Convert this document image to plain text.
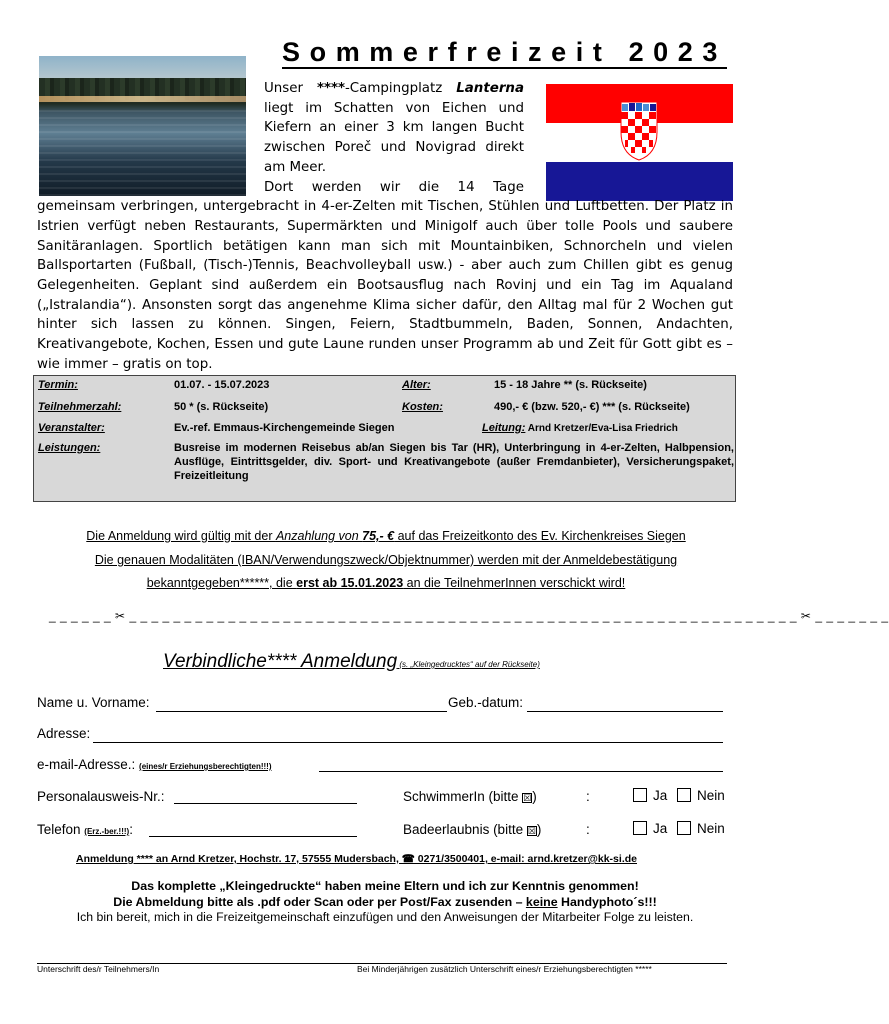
Sommerfreizeit 2023
Unser ****-Campingplatz Lanterna liegt im Schatten von Eichen und Kiefern an einer 3 km langen Bucht zwischen Poreč und Novigrad direkt am Meer.
Dort werden wir die 14 Tage gemeinsam verbringen, untergebracht in 4-er-Zelten mit Tischen, Stühlen und Luftbetten. Der Platz in Istrien verfügt neben Restaurants, Supermärkten und Minigolf auch über tolle Pools und saubere Sanitäranlagen. Sportlich betätigen kann man sich mit Mountainbiken, Schnorcheln und vielen Ballsportarten (Fußball, (Tisch-)Tennis, Beachvolleyball usw.) - aber auch zum Chillen gibt es genug Gelegenheiten. Geplant sind außerdem ein Bootsausflug nach Rovinj und ein Tag im Aqualand („Istralandia“). Ansonsten sorgt das angenehme Klima sicher dafür, den Alltag mal für 2 Wochen gut hinter sich lassen zu können. Singen, Feiern, Stadtbummeln, Baden, Sonnen, Andachten, Kreativangebote, Kochen, Essen und gute Laune runden unser Programm ab und Zeit für Gott gibt es – wie immer – gratis on top.
Termin:	01.07. - 15.07.2023	Alter:	15 - 18 Jahre ** (s. Rückseite)
Teilnehmerzahl:	50 * (s. Rückseite)	Kosten:	490,- € (bzw. 520,- €) *** (s. Rückseite)
Veranstalter:	Ev.-ref. Emmaus-Kirchengemeinde Siegen	Leitung: Arnd Kretzer/Eva-Lisa Friedrich
Leistungen:	Busreise im modernen Reisebus ab/an Siegen bis Tar (HR), Unterbringung in 4-er-Zelten, Halbpension, Ausflüge, Eintrittsgelder, div. Sport- und Kreativangebote (außer Fremdanbieter), Versicherungspaket, Freizeitleitung
Die Anmeldung wird gültig mit der Anzahlung von 75,- € auf das Freizeitkonto des Ev. Kirchenkreises Siegen
Die genauen Modalitäten (IBAN/Verwendungszweck/Objektnummer) werden mit der Anmeldebestätigung
bekanntgegeben******, die erst ab 15.01.2023 an die TeilnehmerInnen verschickt wird!
_ _ _ _ _ _ ✂ _ _ _ _ _ _ _ _ _ _ _ _ _ _ _ _ _ _ _ _ _ _ _ _ _ _ _ _ _ _ _ _ _ _ _ _ _ _ _ _ _ _ _ _ _ _ _ _ _ _ _ _ _ _ _ _ _ _ _ _ _ ✂ _ _ _ _ _ _ _
Verbindliche**** Anmeldung (s. „Kleingedrucktes“ auf der Rückseite)
Name u. Vorname:	Geb.-datum:
Adresse:
e-mail-Adresse.: (eines/r Erziehungsberechtigten!!!)
Personalausweis-Nr.:	SchwimmerIn (bitte ☒)	:	Ja Nein
Telefon (Erz.-ber.!!!):	Badeerlaubnis (bitte ☒)	:	Ja Nein
Anmeldung **** an Arnd Kretzer, Hochstr. 17, 57555 Mudersbach, ☎ 0271/3500401, e-mail: arnd.kretzer@kk-si.de
Das komplette „Kleingedruckte“ haben meine Eltern und ich zur Kenntnis genommen!
Die Abmeldung bitte als .pdf oder Scan oder per Post/Fax zusenden – keine Handyphoto´s!!!
Ich bin bereit, mich in die Freizeitgemeinschaft einzufügen und den Anweisungen der Mitarbeiter Folge zu leisten.
Unterschrift des/r Teilnehmers/In	Bei Minderjährigen zusätzlich Unterschrift eines/r Erziehungsberechtigten *****
